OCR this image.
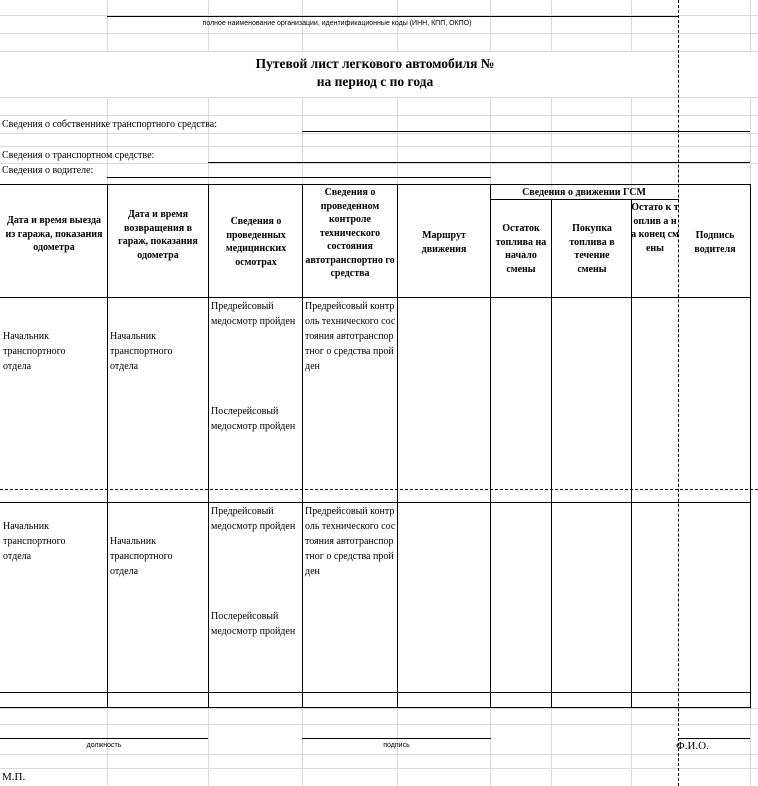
полное наименование организации, идентификационные коды (ИНН, КПП, ОКПО)
Путевой лист легкового автомобиля №
на период с по года
Сведения о собственнике транспортного средства:
Сведения о транспортном средстве:
Сведения о водителе:
Дата и время выезда из гаража, показания одометра
Дата и время возвращения в гараж, показания одометра
Сведения о проведенных медицинских осмотрах
Сведения о проведенном контроле технического состояния автотранспортно го средства
Маршрут движения
Сведения о движении ГСМ
Остаток топлива на начало смены
Покупка топлива в течение смены
Остато к топлив а на конец смены
Подпись водителя
Начальник транспортного отдела
Начальник транспортного отдела
Предрейсовый медосмотр пройден
Послерейсовый медосмотр пройден
Предрейсовый контроль технического состояния автотранспортног о средства пройден
Начальник транспортного отдела
Начальник транспортного отдела
Предрейсовый медосмотр пройден
Послерейсовый медосмотр пройден
Предрейсовый контроль технического состояния автотранспортног о средства пройден
должность	подпись	Ф.И.О.
М.П.
